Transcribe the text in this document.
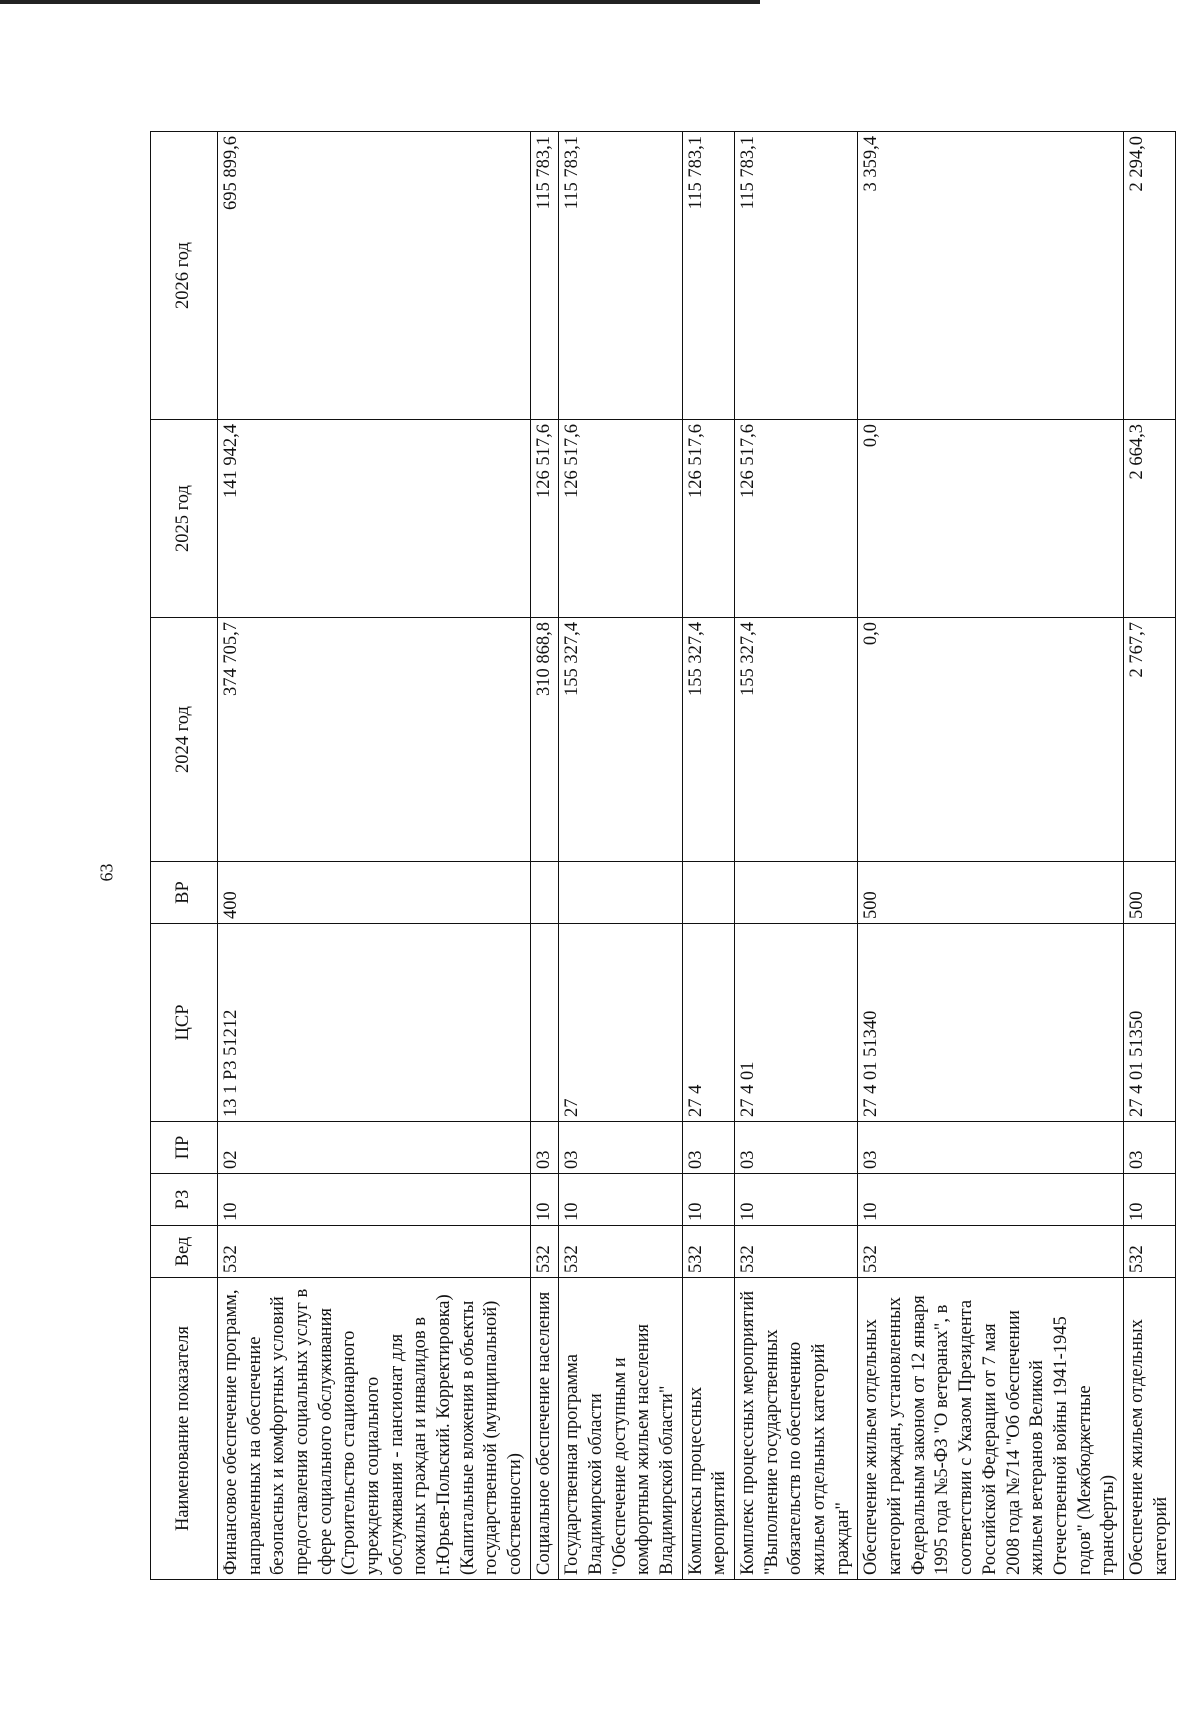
63
Наименование показателя	Вед	РЗ	ПР	ЦСР	ВР	2024 год	2025 год	2026 год
Финансовое обеспечение программ, направленных на обеспечение безопасных и комфортных условий предоставления социальных услуг в сфере социального обслуживания (Строительство стационарного учреждения социального обслуживания - пансионат для пожилых граждан и инвалидов в г.Юрьев-Польский. Корректировка) (Капитальные вложения в объекты государственной (муниципальной) собственности)	532	10	02	13 1 Р3 51212	400	374 705,7	141 942,4	695 899,6
Социальное обеспечение населения	532	10	03			310 868,8	126 517,6	115 783,1
Государственная программа Владимирской области "Обеспечение доступным и комфортным жильем населения Владимирской области"	532	10	03	27		155 327,4	126 517,6	115 783,1
Комплексы процессных мероприятий	532	10	03	27 4		155 327,4	126 517,6	115 783,1
Комплекс процессных мероприятий "Выполнение государственных обязательств по обеспечению жильем отдельных категорий граждан"	532	10	03	27 4 01		155 327,4	126 517,6	115 783,1
Обеспечение жильем отдельных категорий граждан, установленных Федеральным законом от 12 января 1995 года №5-ФЗ "О ветеранах", в соответствии с Указом Президента Российской Федерации от 7 мая 2008 года №714 "Об обеспечении жильем ветеранов Великой Отечественной войны 1941-1945 годов" (Межбюджетные трансферты)	532	10	03	27 4 01 51340	500	0,0	0,0	3 359,4
Обеспечение жильем отдельных категорий	532	10	03	27 4 01 51350	500	2 767,7	2 664,3	2 294,0
